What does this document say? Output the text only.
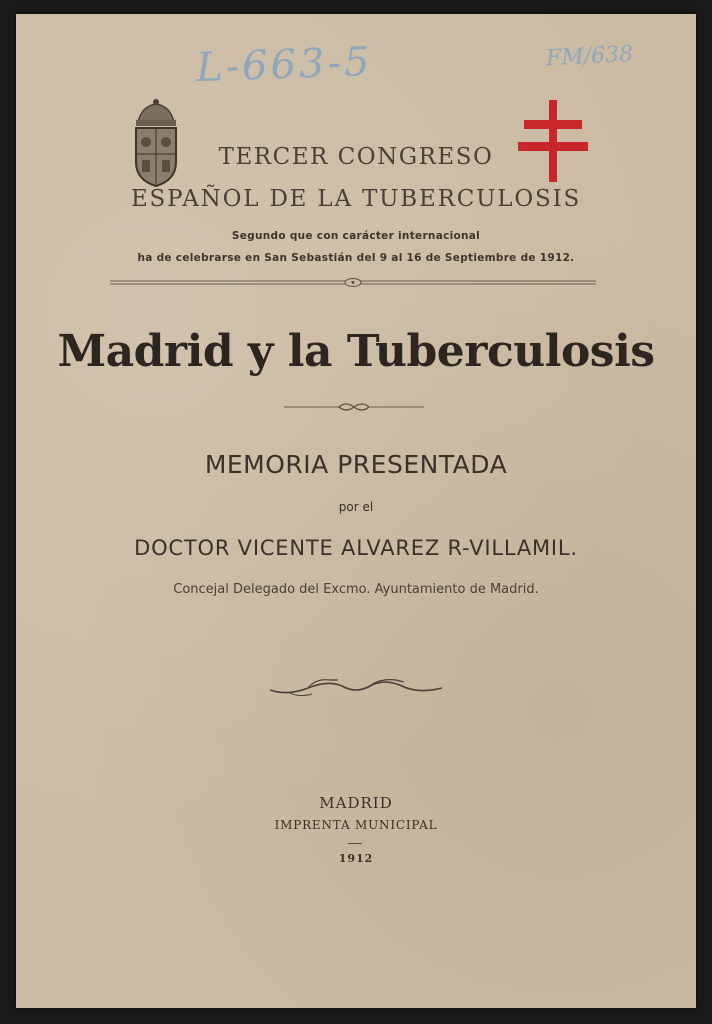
L-663-5	FM/638
TERCER CONGRESO
ESPAÑOL DE LA TUBERCULOSIS
Segundo que con carácter internacional
ha de celebrarse en San Sebastián del 9 al 16 de Septiembre de 1912.
Madrid y la Tuberculosis
MEMORIA PRESENTADA
por el
DOCTOR VICENTE ALVAREZ R-VILLAMIL.
Concejal Delegado del Excmo. Ayuntamiento de Madrid.
MADRID
IMPRENTA MUNICIPAL
1912
